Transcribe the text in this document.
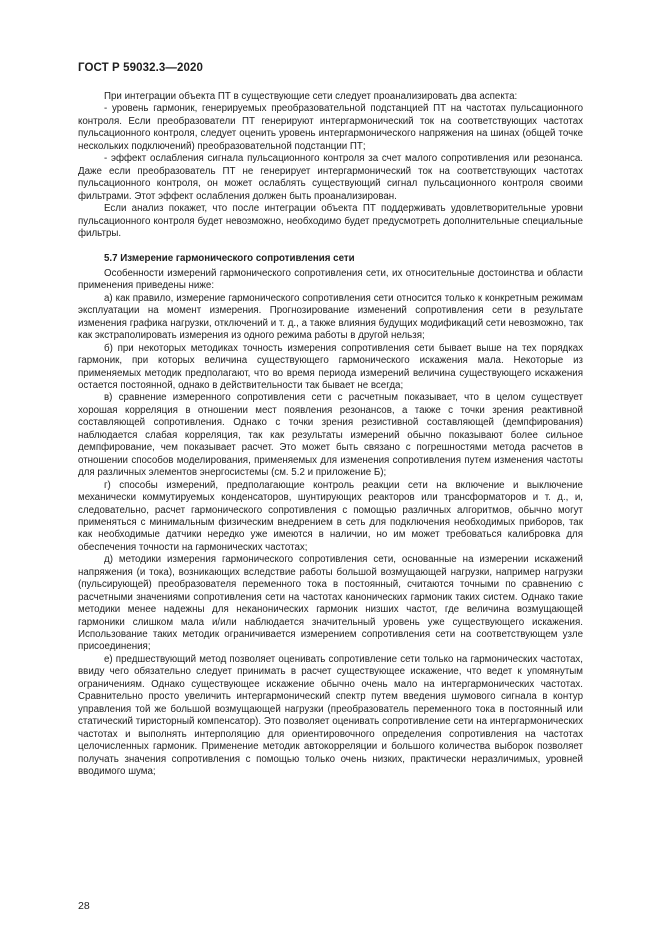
ГОСТ Р 59032.3—2020

При интеграции объекта ПТ в существующие сети следует проанализировать два аспекта:

- уровень гармоник, генерируемых преобразовательной подстанцией ПТ на частотах пульсационного контроля. Если преобразователи ПТ генерируют интергармонический ток на соответствующих частотах пульсационного контроля, следует оценить уровень интергармонического напряжения на шинах (общей точке нескольких подключений) преобразовательной подстанции ПТ;

- эффект ослабления сигнала пульсационного контроля за счет малого сопротивления или резонанса. Даже если преобразователь ПТ не генерирует интергармонический ток на соответствующих частотах пульсационного контроля, он может ослаблять существующий сигнал пульсационного контроля своими фильтрами. Этот эффект ослабления должен быть проанализирован.

Если анализ покажет, что после интеграции объекта ПТ поддерживать удовлетворительные уровни пульсационного контроля будет невозможно, необходимо будет предусмотреть дополнительные специальные фильтры.

5.7 Измерение гармонического сопротивления сети

Особенности измерений гармонического сопротивления сети, их относительные достоинства и области применения приведены ниже:

а) как правило, измерение гармонического сопротивления сети относится только к конкретным режимам эксплуатации на момент измерения. Прогнозирование изменений сопротивления сети в результате изменения графика нагрузки, отключений и т. д., а также влияния будущих модификаций сети невозможно, так как экстраполировать измерения из одного режима работы в другой нельзя;

б) при некоторых методиках точность измерения сопротивления сети бывает выше на тех порядках гармоник, при которых величина существующего гармонического искажения мала. Некоторые из применяемых методик предполагают, что во время периода измерений величина существующего искажения остается постоянной, однако в действительности так бывает не всегда;

в) сравнение измеренного сопротивления сети с расчетным показывает, что в целом существует хорошая корреляция в отношении мест появления резонансов, а также с точки зрения реактивной составляющей сопротивления. Однако с точки зрения резистивной составляющей (демпфирования) наблюдается слабая корреляция, так как результаты измерений обычно показывают более сильное демпфирование, чем показывает расчет. Это может быть связано с погрешностями метода расчетов в отношении способов моделирования, применяемых для изменения сопротивления путем изменения частоты для различных элементов энергосистемы (см. 5.2 и приложение Б);

г) способы измерений, предполагающие контроль реакции сети на включение и выключение механически коммутируемых конденсаторов, шунтирующих реакторов или трансформаторов и т. д., и, следовательно, расчет гармонического сопротивления с помощью различных алгоритмов, обычно могут применяться с минимальным физическим внедрением в сеть для подключения необходимых приборов, так как необходимые датчики нередко уже имеются в наличии, но им может требоваться калибровка для обеспечения точности на гармонических частотах;

д) методики измерения гармонического сопротивления сети, основанные на измерении искажений напряжения (и тока), возникающих вследствие работы большой возмущающей нагрузки, например нагрузки (пульсирующей) преобразователя переменного тока в постоянный, считаются точными по сравнению с расчетными значениями сопротивления сети на частотах канонических гармоник таких систем. Однако такие методики менее надежны для неканонических гармоник низших частот, где величина возмущающей гармоники слишком мала и/или наблюдается значительный уровень уже существующего искажения. Использование таких методик ограничивается измерением сопротивления сети на соответствующем узле присоединения;

е) предшествующий метод позволяет оценивать сопротивление сети только на гармонических частотах, ввиду чего обязательно следует принимать в расчет существующее искажение, что ведет к упомянутым ограничениям. Однако существующее искажение обычно очень мало на интергармонических частотах. Сравнительно просто увеличить интергармонический спектр путем введения шумового сигнала в контур управления той же большой возмущающей нагрузки (преобразователь переменного тока в постоянный или статический тиристорный компенсатор). Это позволяет оценивать сопротивление сети на интергармонических частотах и выполнять интерполяцию для ориентировочного определения сопротивления на частотах целочисленных гармоник. Применение методик автокорреляции и большого количества выборок позволяет получать значения сопротивления с помощью только очень низких, практически неразличимых, уровней вводимого шума;

28
